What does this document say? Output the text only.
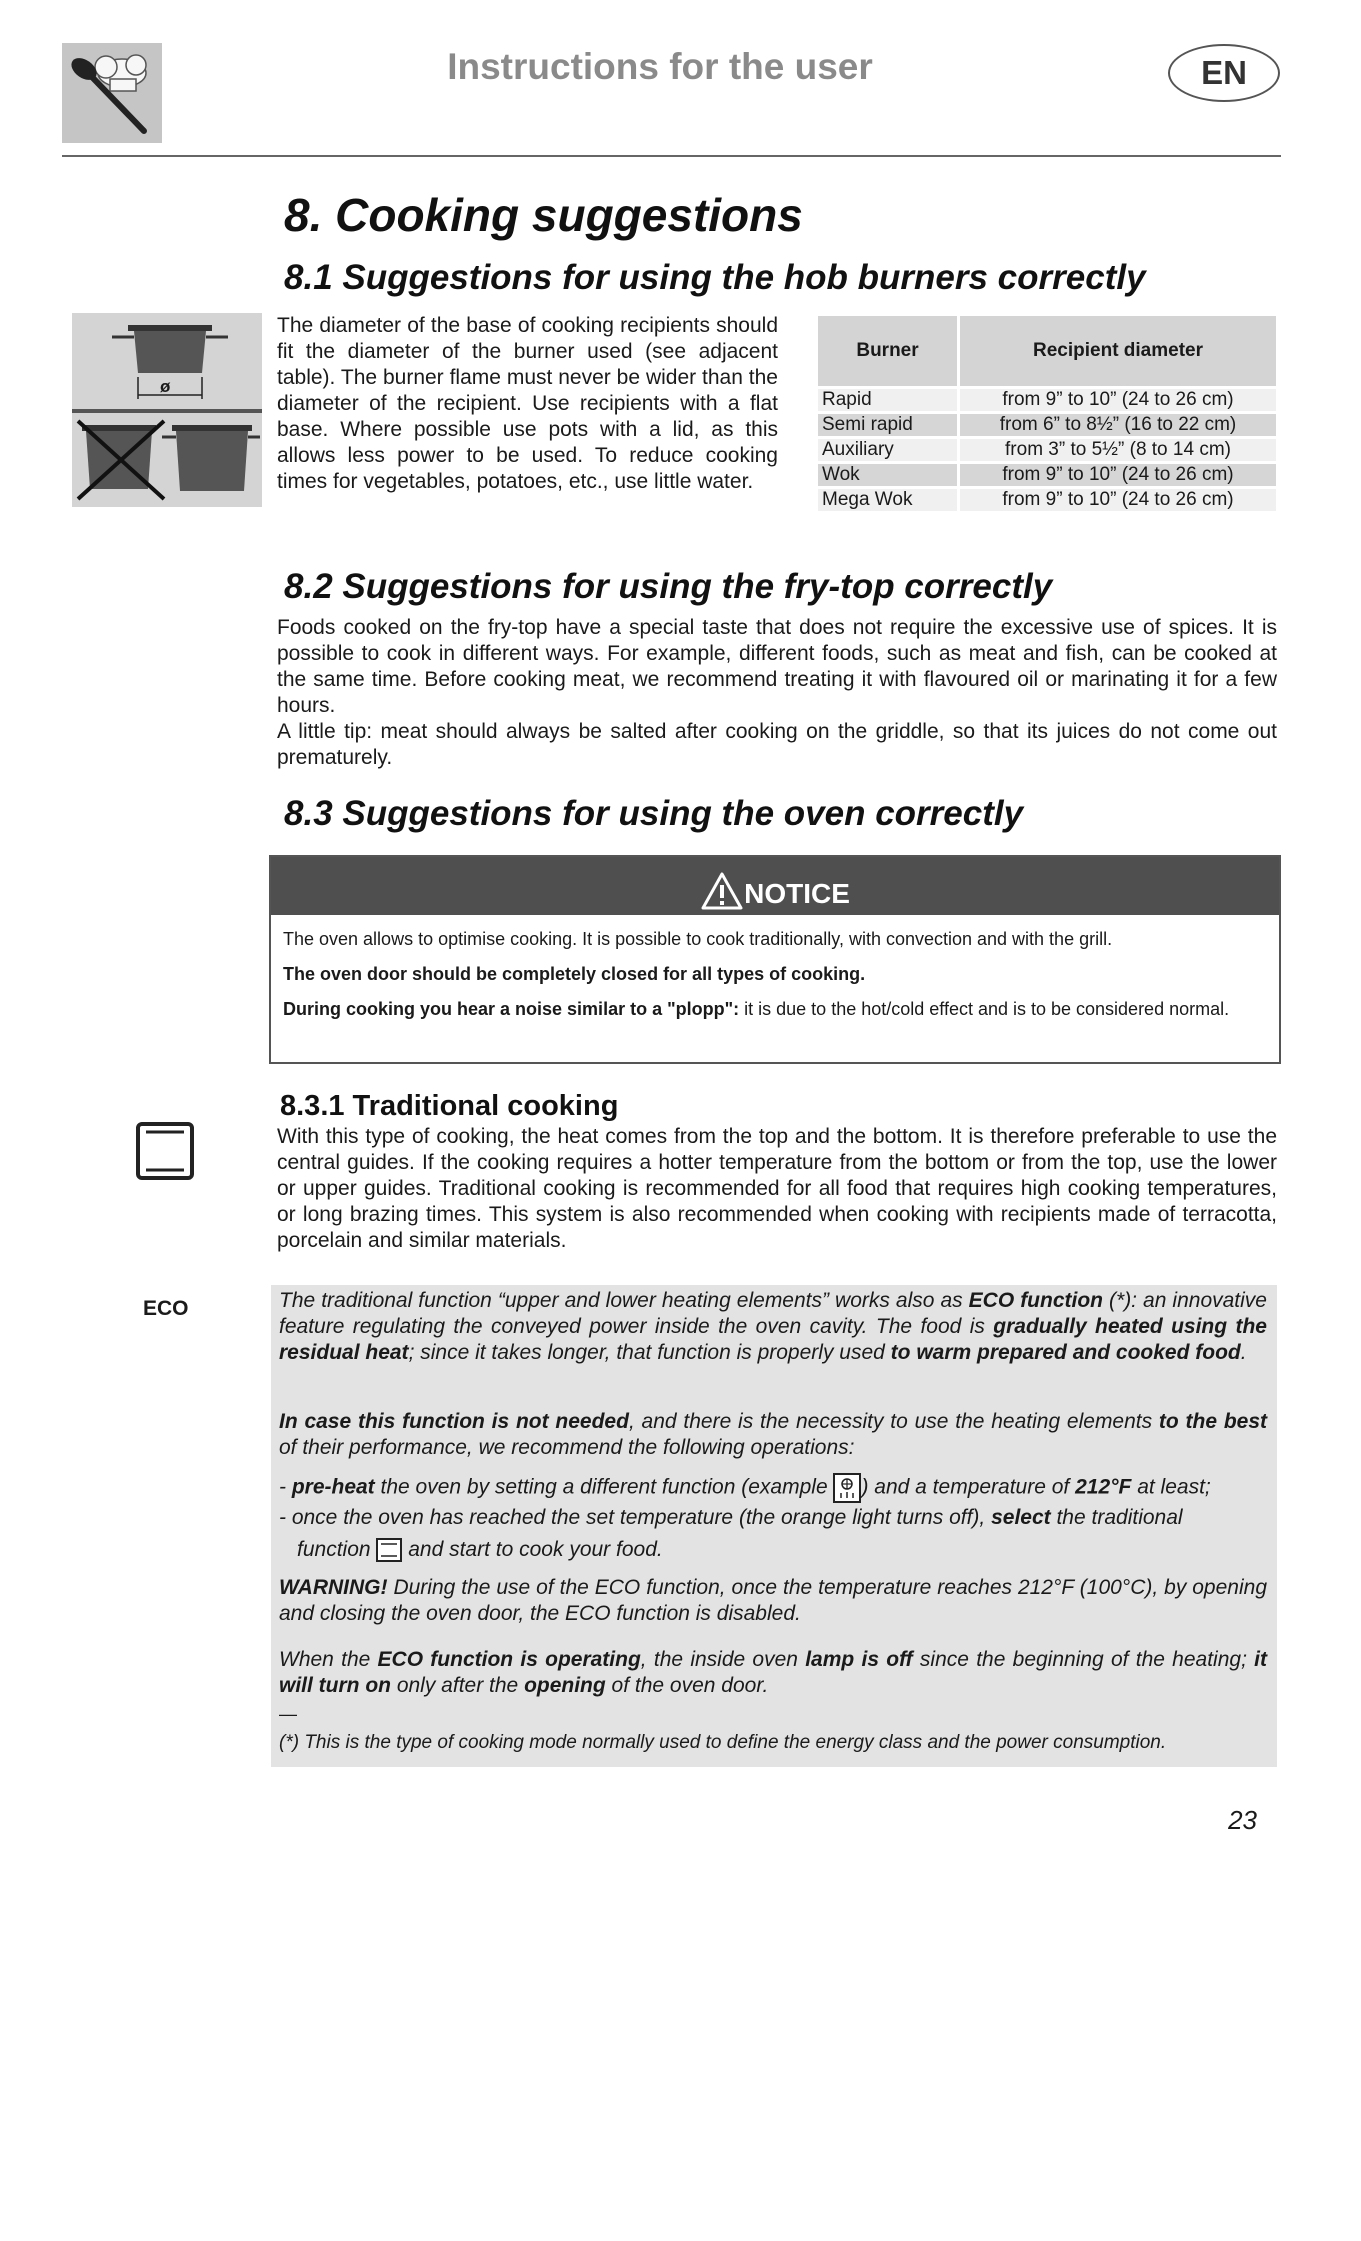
Instructions for the user	EN
8. Cooking suggestions
8.1 Suggestions for using the hob burners correctly
ø
The diameter of the base of cooking recipients should fit the diameter of the burner used (see adjacent table). The burner flame must never be wider than the diameter of the recipient. Use recipients with a flat base. Where possible use pots with a lid, as this allows less power to be used. To reduce cooking times for vegetables, potatoes, etc., use little water.
Burner	Recipient diameter
Rapid	from 9” to 10” (24 to 26 cm)
Semi rapid	from 6” to 8½” (16 to 22 cm)
Auxiliary	from 3” to 5½” (8 to 14 cm)
Wok	from 9” to 10” (24 to 26 cm)
Mega Wok	from 9” to 10” (24 to 26 cm)
8.2 Suggestions for using the fry-top correctly
Foods cooked on the fry-top have a special taste that does not require the excessive use of spices. It is possible to cook in different ways. For example, different foods, such as meat and fish, can be cooked at the same time. Before cooking meat, we recommend treating it with flavoured oil or marinating it for a few hours.
A little tip: meat should always be salted after cooking on the griddle, so that its juices do not come out prematurely.
8.3 Suggestions for using the oven correctly
NOTICE
The oven allows to optimise cooking. It is possible to cook traditionally, with convection and with the grill.
The oven door should be completely closed for all types of cooking.
During cooking you hear a noise similar to a "plopp": it is due to the hot/cold effect and is to be considered normal.
8.3.1 Traditional cooking
With this type of cooking, the heat comes from the top and the bottom. It is therefore preferable to use the central guides. If the cooking requires a hotter temperature from the bottom or from the top, use the lower or upper guides. Traditional cooking is recommended for all food that requires high cooking temperatures, or long brazing times. This system is also recommended when cooking with recipients made of terracotta, porcelain and similar materials.
ECO	The traditional function “upper and lower heating elements” works also as ECO function (*): an innovative feature regulating the conveyed power inside the oven cavity. The food is gradually heated using the residual heat; since it takes longer, that function is properly used to warm prepared and cooked food.
In case this function is not needed, and there is the necessity to use the heating elements to the best of their performance, we recommend the following operations:
- pre-heat the oven by setting a different function (example ) and a temperature of 212°F at least;
- once the oven has reached the set temperature (the orange light turns off), select the traditional
function  and start to cook your food.
WARNING! During the use of the ECO function, once the temperature reaches 212°F (100°C), by opening and closing the oven door, the ECO function is disabled.
When the ECO function is operating, the inside oven lamp is off since the beginning of the heating; it will turn on only after the opening of the oven door.
—
(*) This is the type of cooking mode normally used to define the energy class and the power consumption.
23
